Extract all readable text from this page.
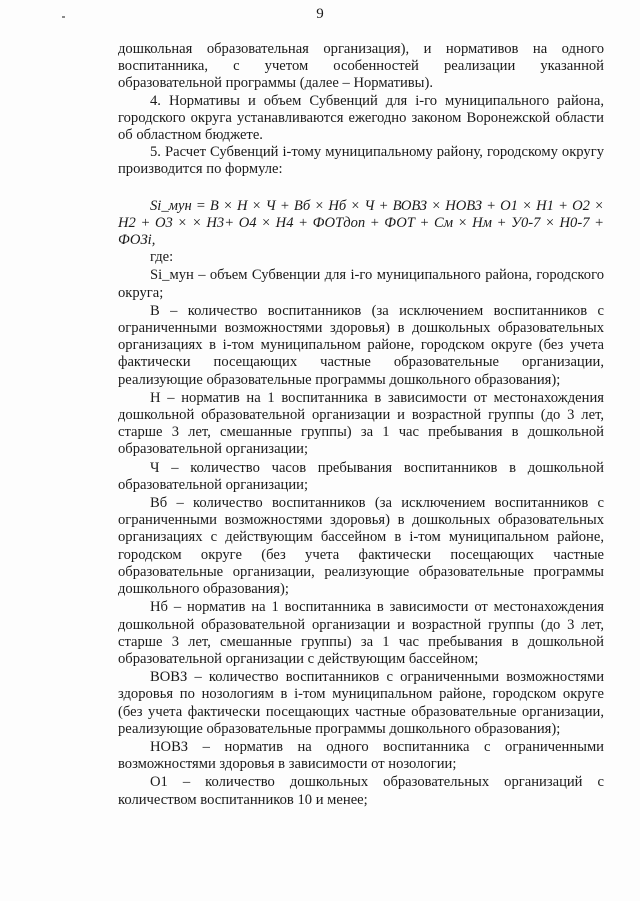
9

дошкольная образовательная организация), и нормативов на одного воспитанника, с учетом особенностей реализации указанной образовательной программы (далее – Нормативы).

4. Нормативы и объем Субвенций для i-го муниципального района, городского округа устанавливаются ежегодно законом Воронежской области об областном бюджете.

5. Расчет Субвенций i-тому муниципальному району, городскому округу производится по формуле:

Si_мун = В × Н × Ч + Вб × Нб × Ч + ВОВЗ × НОВЗ + О1 × Н1 + О2 × Н2 + О3 × × Н3+ О4 × Н4 + ФОТдоп + ФОТ + См × Нм + У0-7 × Н0-7 + ФОЗi,

где:

Si_мун – объем Субвенции для i-го муниципального района, городского округа;

В – количество воспитанников (за исключением воспитанников с ограниченными возможностями здоровья) в дошкольных образовательных организациях в i-том муниципальном районе, городском округе (без учета фактически посещающих частные образовательные организации, реализующие образовательные программы дошкольного образования);

Н – норматив на 1 воспитанника в зависимости от местонахождения дошкольной образовательной организации и возрастной группы (до 3 лет, старше 3 лет, смешанные группы) за 1 час пребывания в дошкольной образовательной организации;

Ч – количество часов пребывания воспитанников в дошкольной образовательной организации;

Вб – количество воспитанников (за исключением воспитанников с ограниченными возможностями здоровья) в дошкольных образовательных организациях с действующим бассейном в i-том муниципальном районе, городском округе (без учета фактически посещающих частные образовательные организации, реализующие образовательные программы дошкольного образования);

Нб – норматив на 1 воспитанника в зависимости от местонахождения дошкольной образовательной организации и возрастной группы (до 3 лет, старше 3 лет, смешанные группы) за 1 час пребывания в дошкольной образовательной организации с действующим бассейном;

ВОВЗ – количество воспитанников с ограниченными возможностями здоровья по нозологиям в i-том муниципальном районе, городском округе (без учета фактически посещающих частные образовательные организации, реализующие образовательные программы дошкольного образования);

НОВЗ – норматив на одного воспитанника с ограниченными возможностями здоровья в зависимости от нозологии;

О1 – количество дошкольных образовательных организаций с количеством воспитанников 10 и менее;
